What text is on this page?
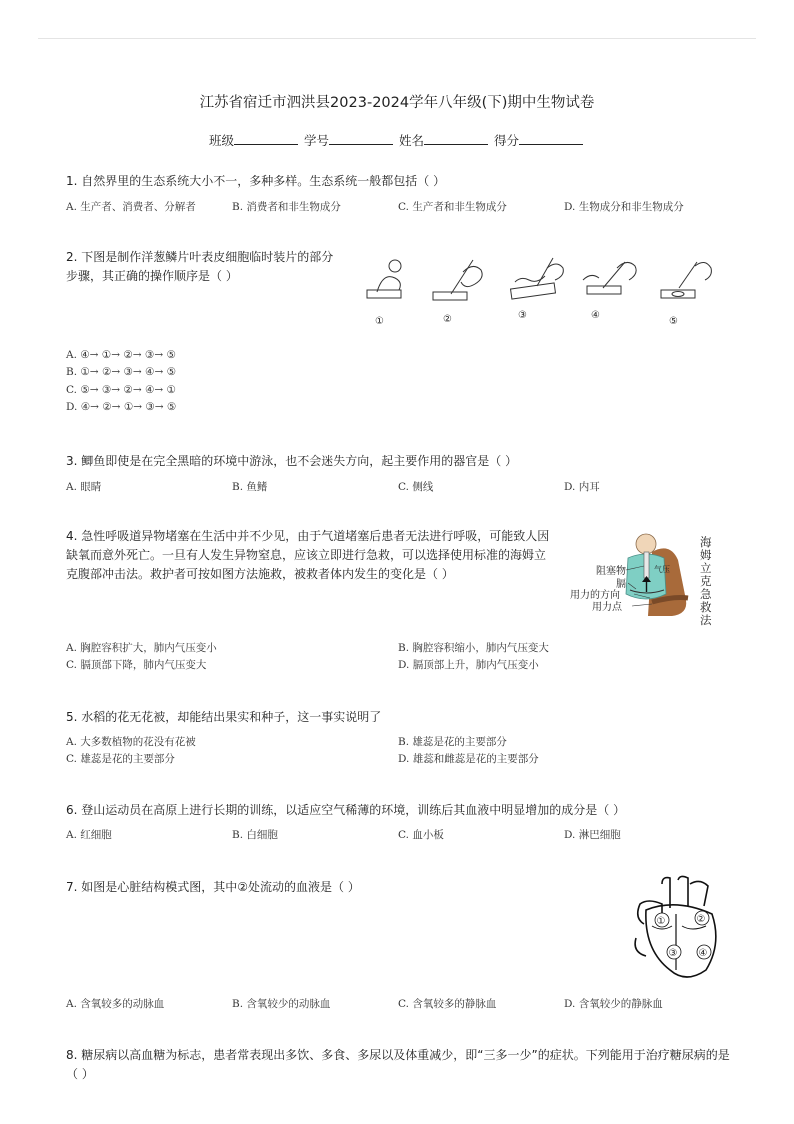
江苏省宿迁市泗洪县2023-2024学年八年级(下)期中生物试卷
班级	学号	姓名	得分
1. 自然界里的生态系统大小不一，多种多样。生态系统一般都包括（ ）
A. 生产者、消费者、分解者	B. 消费者和非生物成分	C. 生产者和非生物成分	D. 生物成分和非生物成分
2. 下图是制作洋葱鳞片叶表皮细胞临时装片的部分步骤，其正确的操作顺序是（ ）
①	②	③	④
⑤
A. ④→ ①→ ②→ ③→ ⑤
B. ①→ ②→ ③→ ④→ ⑤
C. ⑤→ ③→ ②→ ④→ ①
D. ④→ ②→ ①→ ③→ ⑤
3. 鲫鱼即使是在完全黑暗的环境中游泳，也不会迷失方向，起主要作用的器官是（ ）
A. 眼睛	B. 鱼鳍	C. 侧线	D. 内耳
4. 急性呼吸道异物堵塞在生活中并不少见，由于气道堵塞后患者无法进行呼吸，可能致人因缺氧而意外死亡。一旦有人发生异物窒息，应该立即进行急救，可以选择使用标准的海姆立克腹部冲击法。救护者可按如图方法施救，被救者体内发生的变化是（ ）	气压
阻塞物
膈
用力的方向
用力点
海姆立克急救法
A. 胸腔容积扩大，肺内气压变小	B. 胸腔容积缩小，肺内气压变大
C. 膈顶部下降，肺内气压变大	D. 膈顶部上升，肺内气压变小
5. 水稻的花无花被，却能结出果实和种子，这一事实说明了
A. 大多数植物的花没有花被	B. 雄蕊是花的主要部分
C. 雄蕊是花的主要部分	D. 雄蕊和雌蕊是花的主要部分
6. 登山运动员在高原上进行长期的训练，以适应空气稀薄的环境，训练后其血液中明显增加的成分是（ ）
A. 红细胞	B. 白细胞	C. 血小板	D. 淋巴细胞
7. 如图是心脏结构模式图，其中②处流动的血液是（ ）
①	②
③ ④
A. 含氧较多的动脉血	B. 含氧较少的动脉血	C. 含氧较多的静脉血	D. 含氧较少的静脉血
8. 糖尿病以高血糖为标志，患者常表现出多饮、多食、多尿以及体重减少，即“三多一少”的症状。下列能用于治疗糖尿病的是（ ）
